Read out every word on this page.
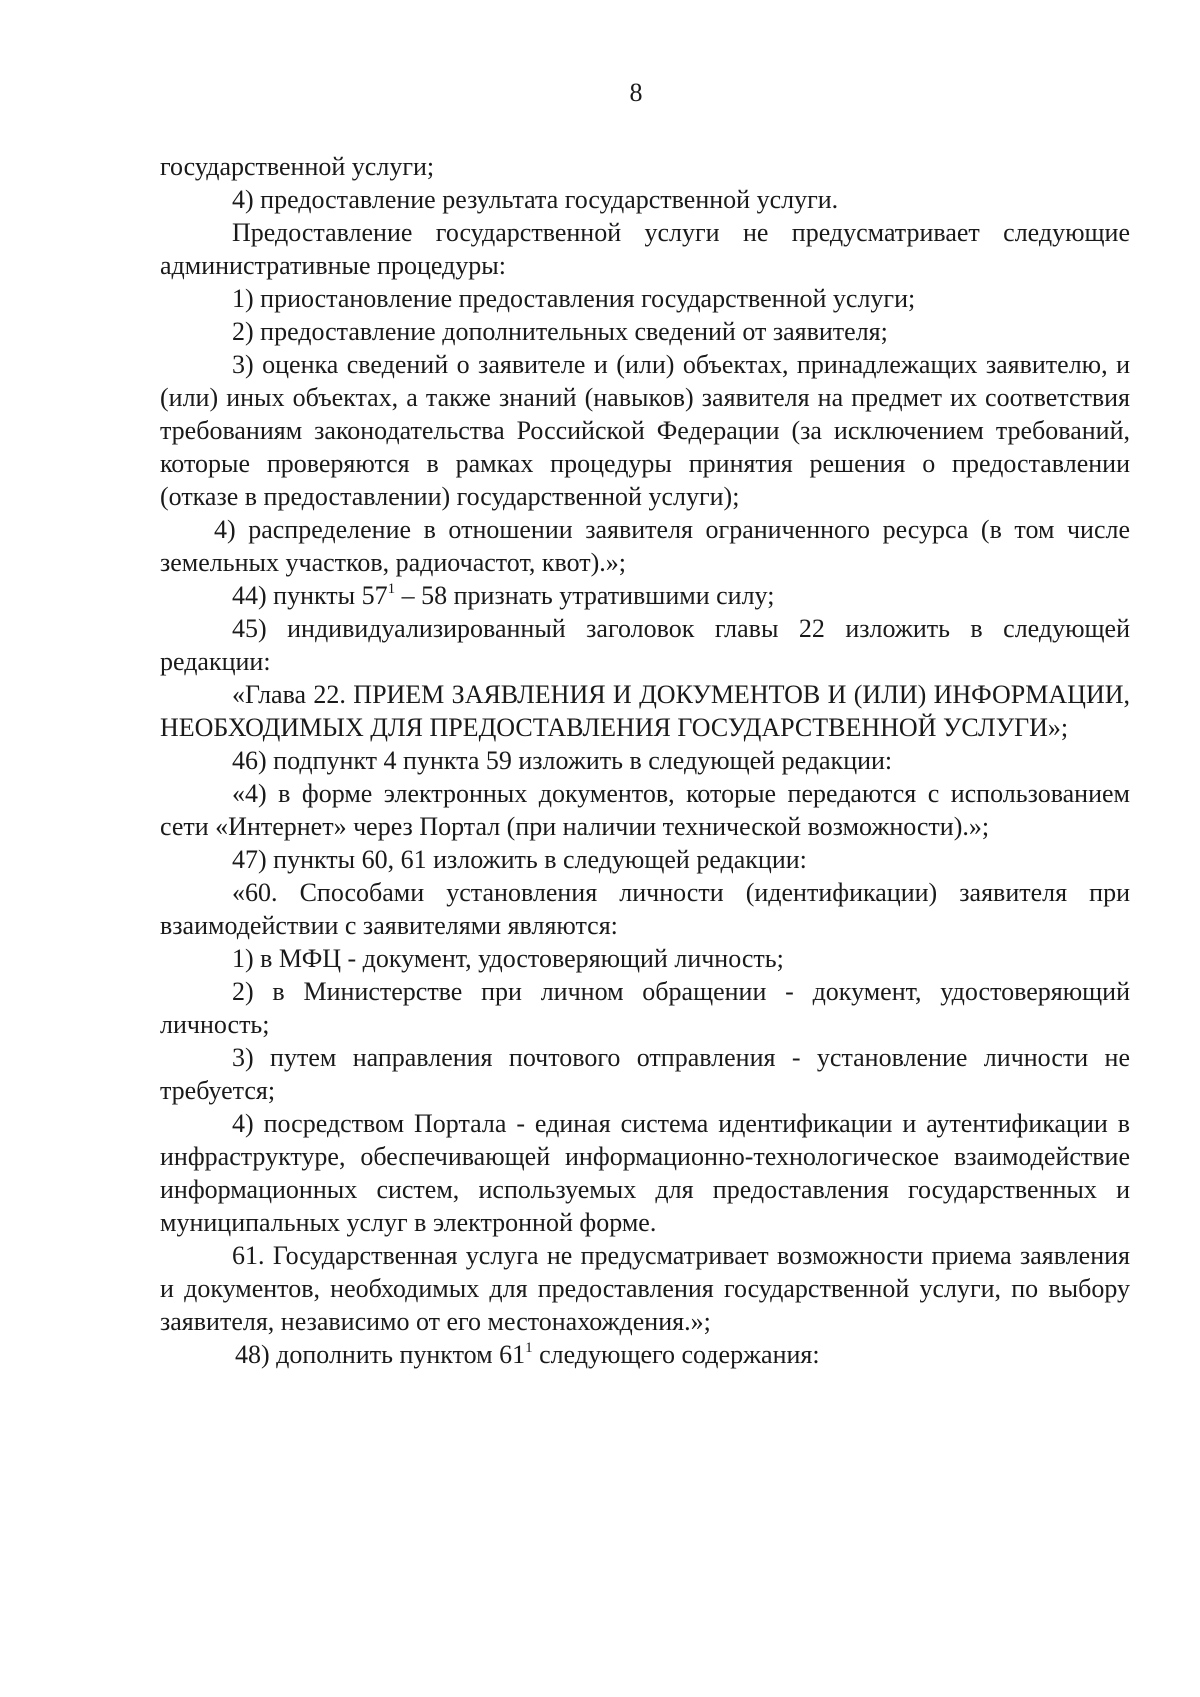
8

государственной услуги;

4) предоставление результата государственной услуги.

Предоставление государственной услуги не предусматривает следующие административные процедуры:

1) приостановление предоставления государственной услуги;

2) предоставление дополнительных сведений от заявителя;

3) оценка сведений о заявителе и (или) объектах, принадлежащих заявителю, и (или) иных объектах, а также знаний (навыков) заявителя на предмет их соответствия требованиям законодательства Российской Федерации (за исключением требований, которые проверяются в рамках процедуры принятия решения о предоставлении (отказе в предоставлении) государственной услуги);

4) распределение в отношении заявителя ограниченного ресурса (в том числе земельных участков, радиочастот, квот).»;

44) пункты $57^1 - 58$ признать утратившими силу;

45) индивидуализированный заголовок главы 22 изложить в следующей редакции:

«Глава 22. ПРИЕМ ЗАЯВЛЕНИЯ И ДОКУМЕНТОВ И (ИЛИ) ИНФОРМАЦИИ, НЕОБХОДИМЫХ ДЛЯ ПРЕДОСТАВЛЕНИЯ ГОСУДАРСТВЕННОЙ УСЛУГИ»;

46) подпункт 4 пункта 59 изложить в следующей редакции:

«4) в форме электронных документов, которые передаются с использованием сети «Интернет» через Портал (при наличии технической возможности).»;

47) пункты 60, 61 изложить в следующей редакции:

«60. Способами установления личности (идентификации) заявителя при взаимодействии с заявителями являются:

1) в МФЦ - документ, удостоверяющий личность;

2) в Министерстве при личном обращении - документ, удостоверяющий личность;

3) путем направления почтового отправления - установление личности не требуется;

4) посредством Портала - единая система идентификации и аутентификации в инфраструктуре, обеспечивающей информационно-технологическое взаимодействие информационных систем, используемых для предоставления государственных и муниципальных услуг в электронной форме.

61. Государственная услуга не предусматривает возможности приема заявления и документов, необходимых для предоставления государственной услуги, по выбору заявителя, независимо от его местонахождения.»;

48) дополнить пунктом $61^1$ следующего содержания:
